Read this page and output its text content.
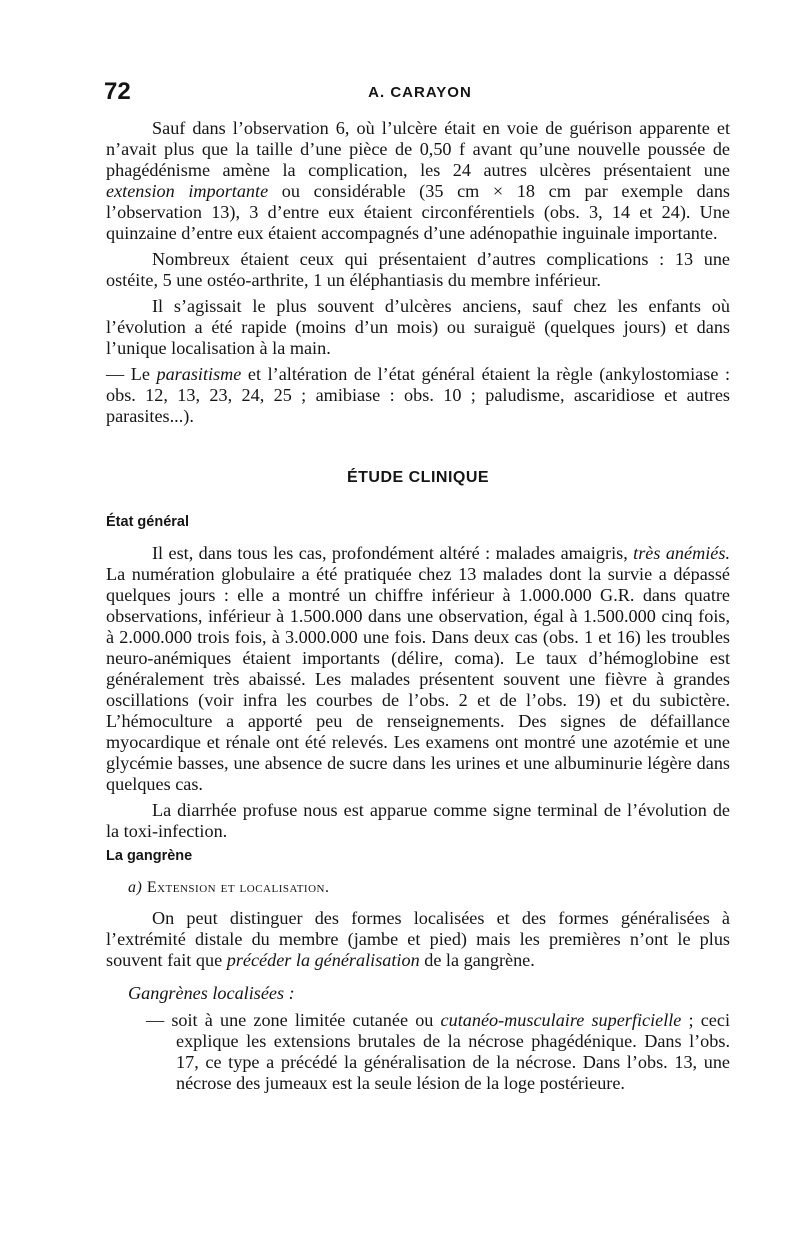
72	A. CARAYON

Sauf dans l’observation 6, où l’ulcère était en voie de guérison apparente et n’avait plus que la taille d’une pièce de 0,50 f avant qu’une nouvelle poussée de phagédénisme amène la complication, les 24 autres ulcères présentaient une extension importante ou considérable (35 cm × 18 cm par exemple dans l’observation 13), 3 d’entre eux étaient circonférentiels (obs. 3, 14 et 24). Une quinzaine d’entre eux étaient accompagnés d’une adénopathie inguinale importante.

Nombreux étaient ceux qui présentaient d’autres complications : 13 une ostéite, 5 une ostéo-arthrite, 1 un éléphantiasis du membre inférieur.

Il s’agissait le plus souvent d’ulcères anciens, sauf chez les enfants où l’évolution a été rapide (moins d’un mois) ou suraiguë (quelques jours) et dans l’unique localisation à la main.

— Le parasitisme et l’altération de l’état général étaient la règle (ankylostomiase : obs. 12, 13, 23, 24, 25 ; amibiase : obs. 10 ; paludisme, ascaridiose et autres parasites...).

ÉTUDE CLINIQUE
État général

Il est, dans tous les cas, profondément altéré : malades amaigris, très anémiés. La numération globulaire a été pratiquée chez 13 malades dont la survie a dépassé quelques jours : elle a montré un chiffre inférieur à 1.000.000 G.R. dans quatre observations, inférieur à 1.500.000 dans une observation, égal à 1.500.000 cinq fois, à 2.000.000 trois fois, à 3.000.000 une fois. Dans deux cas (obs. 1 et 16) les troubles neuro-anémiques étaient importants (délire, coma). Le taux d’hémoglobine est généralement très abaissé. Les malades présentent souvent une fièvre à grandes oscillations (voir infra les courbes de l’obs. 2 et de l’obs. 19) et du subictère. L’hémoculture a apporté peu de renseignements. Des signes de défaillance myocardique et rénale ont été relevés. Les examens ont montré une azotémie et une glycémie basses, une absence de sucre dans les urines et une albuminurie légère dans quelques cas.

La diarrhée profuse nous est apparue comme signe terminal de l’évolution de la toxi-infection.

La gangrène
a) Extension et localisation.

On peut distinguer des formes localisées et des formes généralisées à l’extrémité distale du membre (jambe et pied) mais les premières n’ont le plus souvent fait que précéder la généralisation de la gangrène.

Gangrènes localisées :

— soit à une zone limitée cutanée ou cutanéo-musculaire superficielle ; ceci explique les extensions brutales de la nécrose phagédénique. Dans l’obs. 17, ce type a précédé la généralisation de la nécrose. Dans l’obs. 13, une nécrose des jumeaux est la seule lésion de la loge postérieure.
